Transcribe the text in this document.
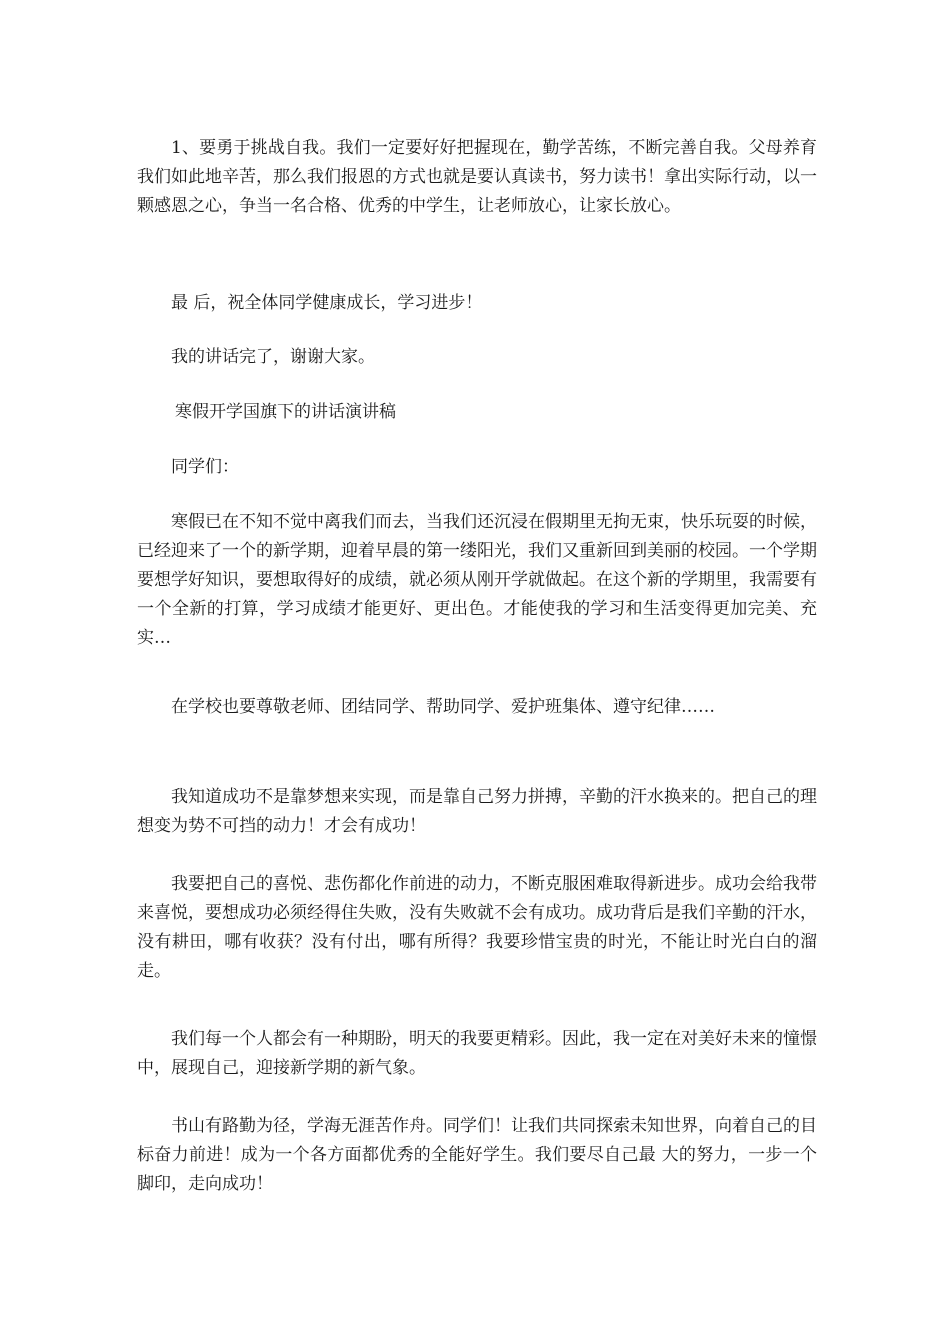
1、要勇于挑战自我。我们一定要好好把握现在，勤学苦练，不断完善自我。父母养育我们如此地辛苦，那么我们报恩的方式也就是要认真读书，努力读书！拿出实际行动，以一颗感恩之心，争当一名合格、优秀的中学生，让老师放心，让家长放心。

最 后，祝全体同学健康成长，学习进步！

我的讲话完了，谢谢大家。

寒假开学国旗下的讲话演讲稿

同学们：

寒假已在不知不觉中离我们而去，当我们还沉浸在假期里无拘无束，快乐玩耍的时候，已经迎来了一个的新学期，迎着早晨的第一缕阳光，我们又重新回到美丽的校园。一个学期要想学好知识，要想取得好的成绩，就必须从刚开学就做起。在这个新的学期里，我需要有一个全新的打算，学习成绩才能更好、更出色。才能使我的学习和生活变得更加完美、充实…

在学校也要尊敬老师、团结同学、帮助同学、爱护班集体、遵守纪律……

我知道成功不是靠梦想来实现，而是靠自己努力拼搏，辛勤的汗水换来的。把自己的理想变为势不可挡的动力！才会有成功！

我要把自己的喜悦、悲伤都化作前进的动力，不断克服困难取得新进步。成功会给我带来喜悦，要想成功必须经得住失败，没有失败就不会有成功。成功背后是我们辛勤的汗水，没有耕田，哪有收获？没有付出，哪有所得？我要珍惜宝贵的时光，不能让时光白白的溜走。

我们每一个人都会有一种期盼，明天的我要更精彩。因此，我一定在对美好未来的憧憬中，展现自己，迎接新学期的新气象。

书山有路勤为径，学海无涯苦作舟。同学们！让我们共同探索未知世界，向着自己的目标奋力前进！成为一个各方面都优秀的全能好学生。我们要尽自己最 大的努力，一步一个脚印，走向成功！
